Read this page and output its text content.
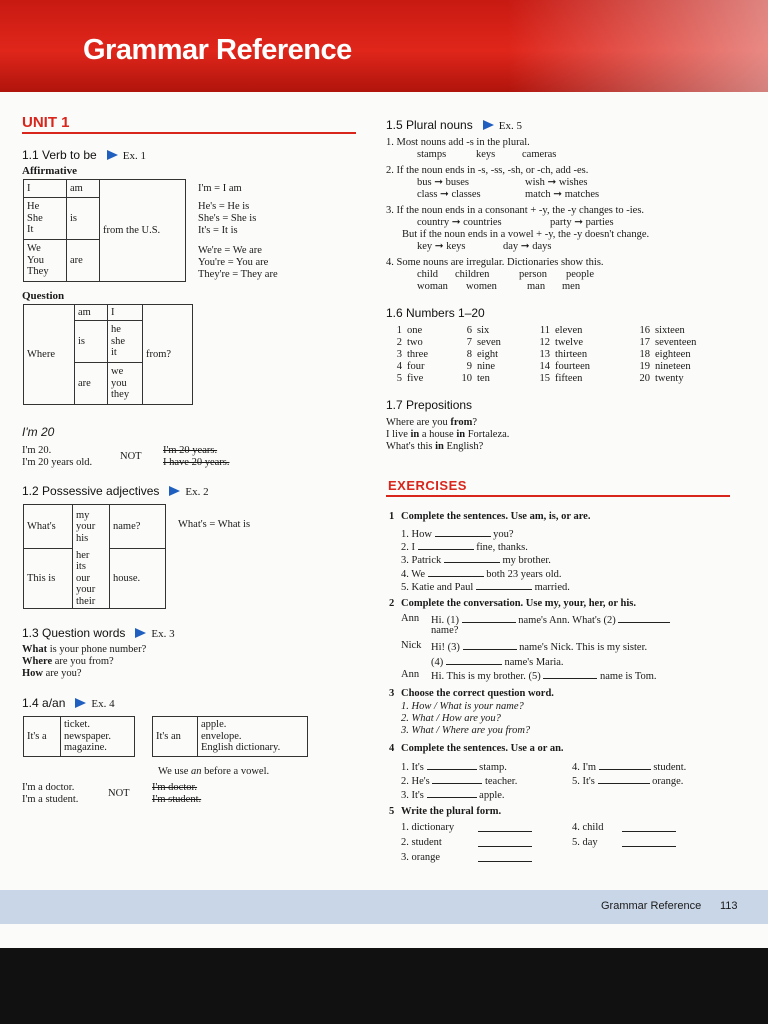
Grammar Reference
UNIT 1
1.1 Verb to be Ex. 1
Affirmative
I	am	from the U.S.
He
She
It	is	
We
You
They	are	
I'm = I am
He's = He is
She's = She is
It's = It is
We're = We are
You're = You are
They're = They are
Question
Where	am	I	from?
	is	he
she
it	
	are	we
you
they	
I'm 20
I'm 20.
I'm 20 years old.
NOT
I'm 20 years.
I have 20 years.
1.2 Possessive adjectives Ex. 2
What's	my
your
his	name?
This is	her
its
our
your
their	house.
What's = What is
1.3 Question words Ex. 3
What is your phone number?
Where are you from?
How are you?
1.4 a/an Ex. 4
It's a	ticket.
newspaper.
magazine.
It's an	apple.
envelope.
English dictionary.
We use an before a vowel.
I'm a doctor.
I'm a student.
NOT
I'm doctor.
I'm student.
1.5 Plural nouns Ex. 5
1. Most nouns add -s in the plural.
stamps	keys	cameras
2. If the noun ends in -s, -ss, -sh, or -ch, add -es.
bus ➞ buses	wish ➞ wishes
class ➞ classes	match ➞ matches
3. If the noun ends in a consonant + -y, the -y changes to -ies.
country ➞ countries	party ➞ parties
But if the noun ends in a vowel + -y, the -y doesn't change.
key ➞ keys	day ➞ days
4. Some nouns are irregular. Dictionaries show this.
child children	person people
woman women	man men
1.6 Numbers 1–20
1 one
2 two
3 three
4 four
5 five
6 six
7 seven
8 eight
9 nine
10 ten
11 eleven
12 twelve
13 thirteen
14 fourteen
15 fifteen
16 sixteen
17 seventeen
18 eighteen
19 nineteen
20 twenty
1.7 Prepositions
Where are you from?
I live in a house in Fortaleza.
What's this in English?
EXERCISES
1 Complete the sentences. Use am, is, or are.
1. How	you?
2. I	fine, thanks.
3. Patrick	my brother.
4. We	both 23 years old.
5. Katie and Paul	married.
2 Complete the conversation. Use my, your, her, or his.
Ann Hi. (1)	name's Ann. What's (2)
name?
Nick Hi! (3)	name's Nick. This is my sister.
(4)	name's Maria.
Ann Hi. This is my brother. (5)	name is Tom.
3 Choose the correct question word.
1. How / What is your name?
2. What / How are you?
3. What / Where are you from?
4 Complete the sentences. Use a or an.
1. It's	stamp.
2. He's	teacher.
3. It's	apple.
4. I'm	student.
5. It's	orange.
5 Write the plural form.
1. dictionary
2. student
3. orange
4. child
5. day
Grammar Reference 113
